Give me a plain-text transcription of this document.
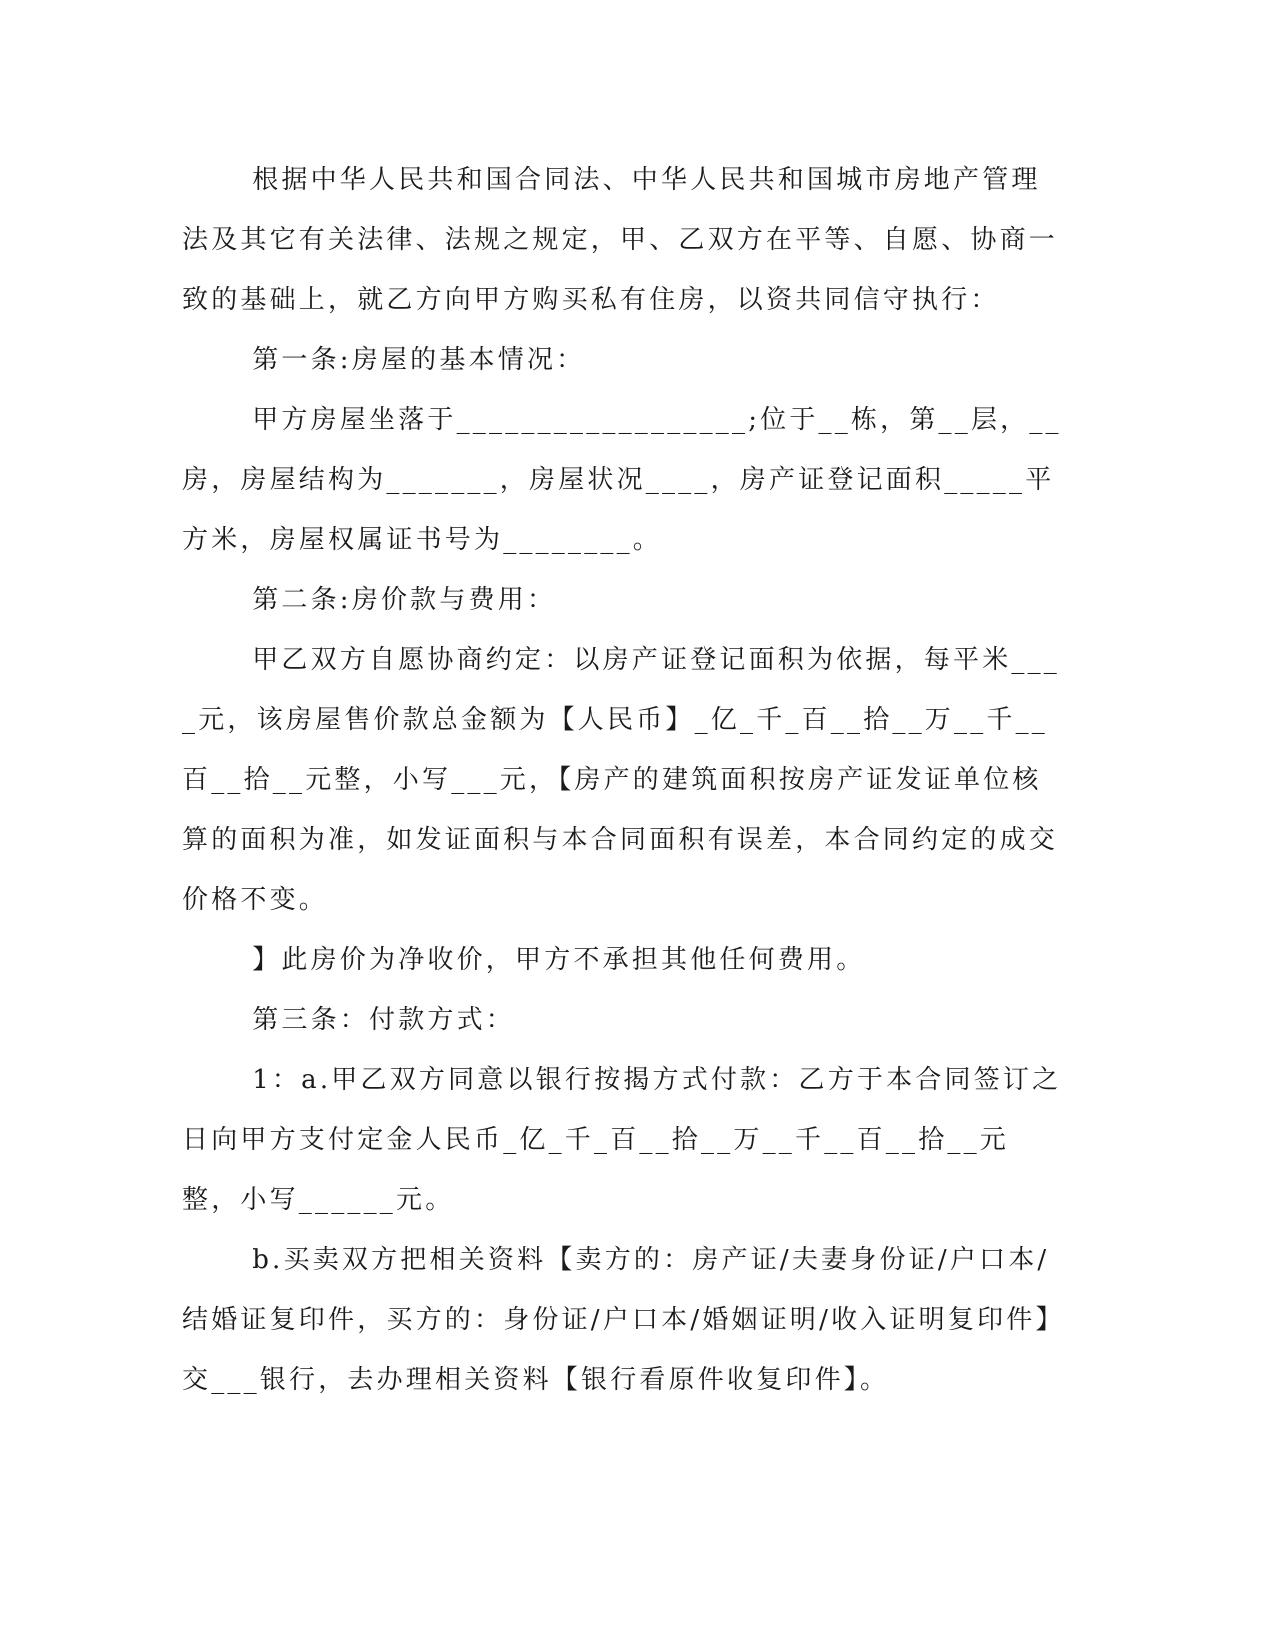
根据中华人民共和国合同法、中华人民共和国城市房地产管理法及其它有关法律、法规之规定，甲、乙双方在平等、自愿、协商一致的基础上，就乙方向甲方购买私有住房，以资共同信守执行：

第一条:房屋的基本情况：

甲方房屋坐落于__________________;位于__栋，第__层，__房，房屋结构为_______，房屋状况____，房产证登记面积_____平方米，房屋权属证书号为________。

第二条:房价款与费用：

甲乙双方自愿协商约定：以房产证登记面积为依据，每平米____元，该房屋售价款总金额为【人民币】_亿_千_百__拾__万__千__百__拾__元整，小写___元，【房产的建筑面积按房产证发证单位核算的面积为准，如发证面积与本合同面积有误差，本合同约定的成交价格不变。

】此房价为净收价，甲方不承担其他任何费用。

第三条：付款方式：

1：a.甲乙双方同意以银行按揭方式付款：乙方于本合同签订之日向甲方支付定金人民币_亿_千_百__拾__万__千__百__拾__元整，小写______元。

b.买卖双方把相关资料【卖方的：房产证/夫妻身份证/户口本/结婚证复印件，买方的：身份证/户口本/婚姻证明/收入证明复印件】交___银行，去办理相关资料【银行看原件收复印件】。
